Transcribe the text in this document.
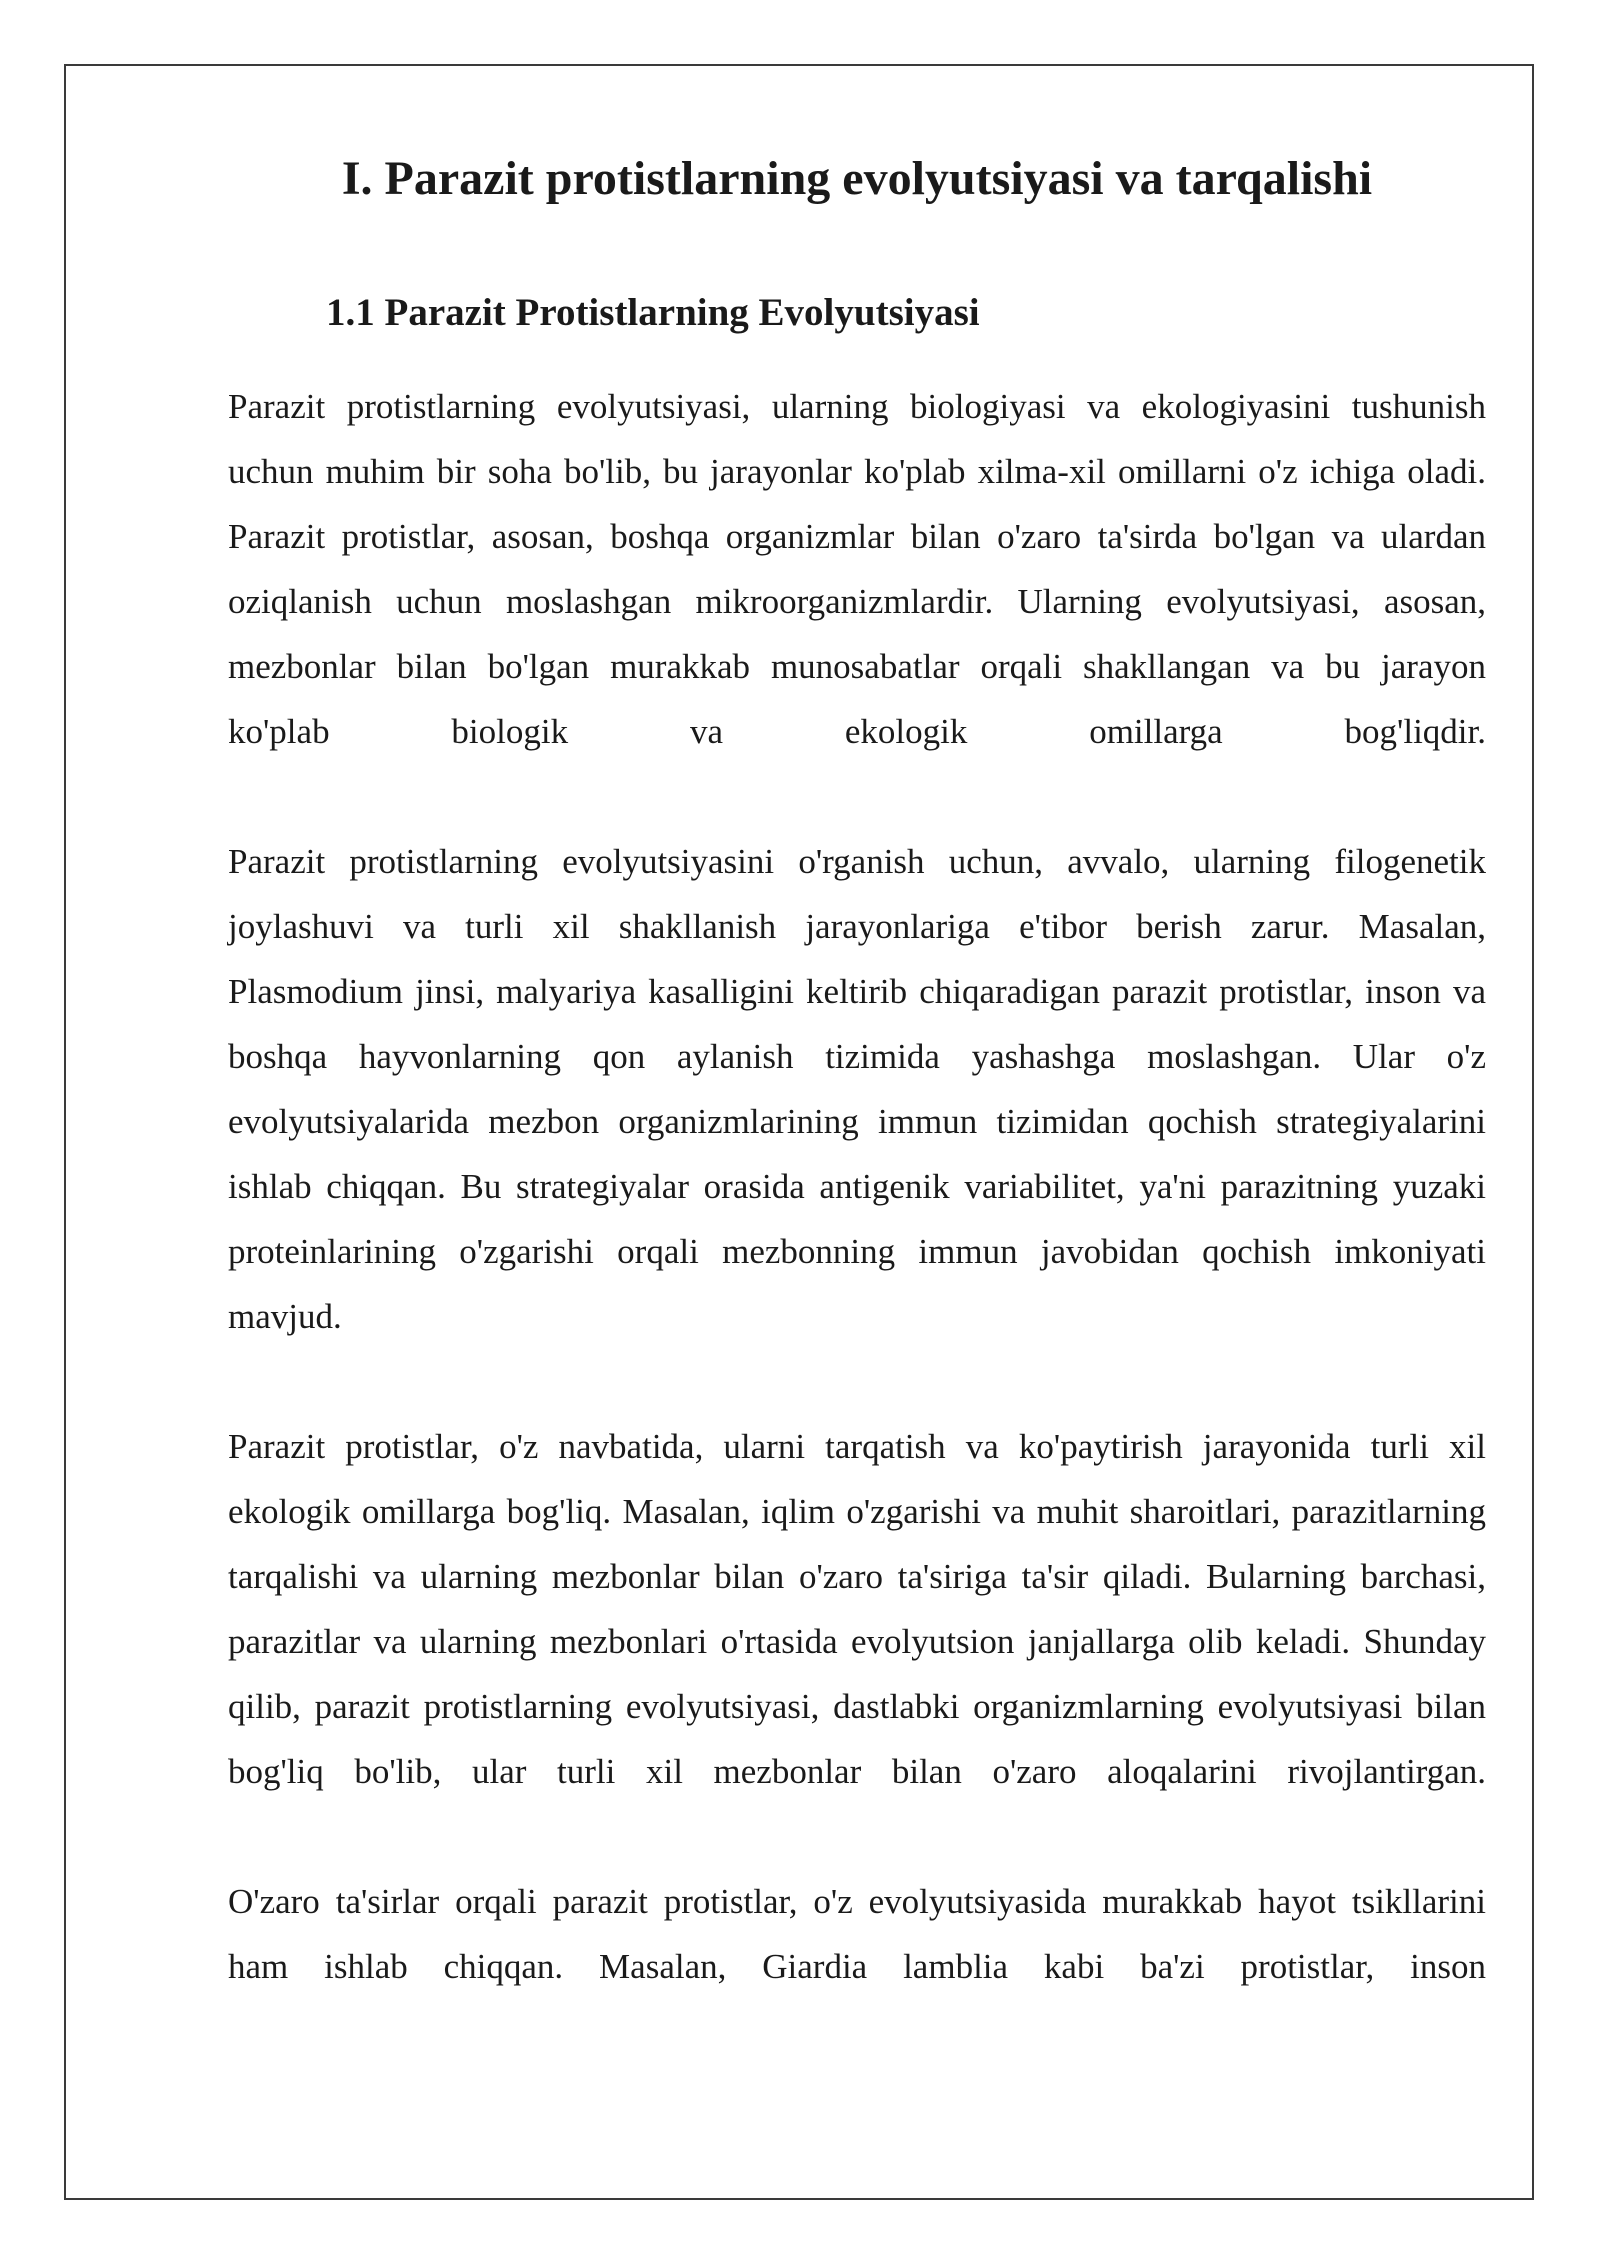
I. Parazit protistlarning evolyutsiyasi va tarqalishi
1.1 Parazit Protistlarning Evolyutsiyasi

Parazit protistlarning evolyutsiyasi, ularning biologiyasi va ekologiyasini tushunish uchun muhim bir soha bo'lib, bu jarayonlar ko'plab xilma-xil omillarni o'z ichiga oladi. Parazit protistlar, asosan, boshqa organizmlar bilan o'zaro ta'sirda bo'lgan va ulardan oziqlanish uchun moslashgan mikroorganizmlardir. Ularning evolyutsiyasi, asosan, mezbonlar bilan bo'lgan murakkab munosabatlar orqali shakllangan va bu jarayon ko'plab biologik va ekologik omillarga bog'liqdir.

Parazit protistlarning evolyutsiyasini o'rganish uchun, avvalo, ularning filogenetik joylashuvi va turli xil shakllanish jarayonlariga e'tibor berish zarur. Masalan, Plasmodium jinsi, malyariya kasalligini keltirib chiqaradigan parazit protistlar, inson va boshqa hayvonlarning qon aylanish tizimida yashashga moslashgan. Ular o'z evolyutsiyalarida mezbon organizmlarining immun tizimidan qochish strategiyalarini ishlab chiqqan. Bu strategiyalar orasida antigenik variabilitet, ya'ni parazitning yuzaki proteinlarining o'zgarishi orqali mezbonning immun javobidan qochish imkoniyati mavjud.

Parazit protistlar, o'z navbatida, ularni tarqatish va ko'paytirish jarayonida turli xil ekologik omillarga bog'liq. Masalan, iqlim o'zgarishi va muhit sharoitlari, parazitlarning tarqalishi va ularning mezbonlar bilan o'zaro ta'siriga ta'sir qiladi. Bularning barchasi, parazitlar va ularning mezbonlari o'rtasida evolyutsion janjallarga olib keladi. Shunday qilib, parazit protistlarning evolyutsiyasi, dastlabki organizmlarning evolyutsiyasi bilan bog'liq bo'lib, ular turli xil mezbonlar bilan o'zaro aloqalarini rivojlantirgan.

O'zaro ta'sirlar orqali parazit protistlar, o'z evolyutsiyasida murakkab hayot tsikllarini ham ishlab chiqqan. Masalan, Giardia lamblia kabi ba'zi protistlar, inson
